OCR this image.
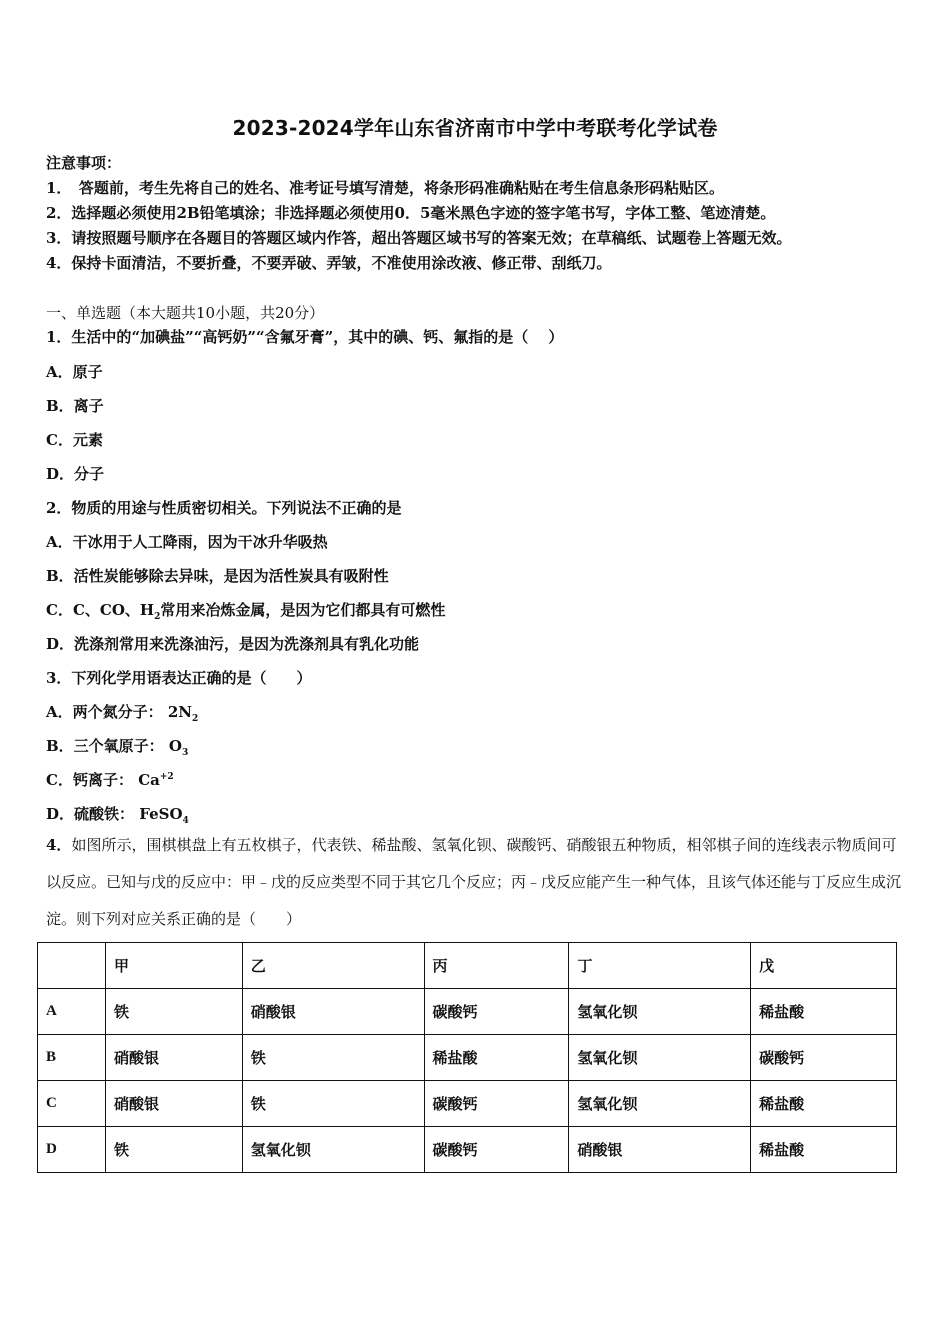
2023-2024学年山东省济南市中学中考联考化学试卷
注意事项：
1．　答题前，考生先将自己的姓名、准考证号填写清楚，将条形码准确粘贴在考生信息条形码粘贴区。
2．选择题必须使用2B铅笔填涂；非选择题必须使用0．5毫米黑色字迹的签字笔书写，字体工整、笔迹清楚。
3．请按照题号顺序在各题目的答题区域内作答，超出答题区域书写的答案无效；在草稿纸、试题卷上答题无效。
4．保持卡面清洁，不要折叠，不要弄破、弄皱，不准使用涂改液、修正带、刮纸刀。
一、单选题（本大题共10小题，共20分）
1．生活中的“加碘盐”“高钙奶”“含氟牙膏”，其中的碘、钙、氟指的是（　 ）
A．原子
B．离子
C．元素
D．分子
2．物质的用途与性质密切相关。下列说法不正确的是
A．干冰用于人工降雨，因为干冰升华吸热
B．活性炭能够除去异味，是因为活性炭具有吸附性
C．C、CO、$H_2$常用来冶炼金属，是因为它们都具有可燃性
D．洗涤剂常用来洗涤油污，是因为洗涤剂具有乳化功能
3．下列化学用语表达正确的是（　　）
A．两个氮分子： $2N_2$
B．三个氧原子： $O_3$
C．钙离子： $Ca^{+2}$
D．硫酸铁： FeSO$_4$
4．如图所示，围棋棋盘上有五枚棋子，代表铁、稀盐酸、氢氧化钡、碳酸钙、硝酸银五种物质，相邻棋子间的连线表示物质间可以反应。已知与戊的反应中：甲﹣戊的反应类型不同于其它几个反应；丙﹣戊反应能产生一种气体，且该气体还能与丁反应生成沉淀。则下列对应关系正确的是（　　）
	甲	乙	丙	丁	戊
A	铁	硝酸银	碳酸钙	氢氧化钡	稀盐酸
B	硝酸银	铁	稀盐酸	氢氧化钡	碳酸钙
C	硝酸银	铁	碳酸钙	氢氧化钡	稀盐酸
D	铁	氢氧化钡	碳酸钙	硝酸银	稀盐酸
